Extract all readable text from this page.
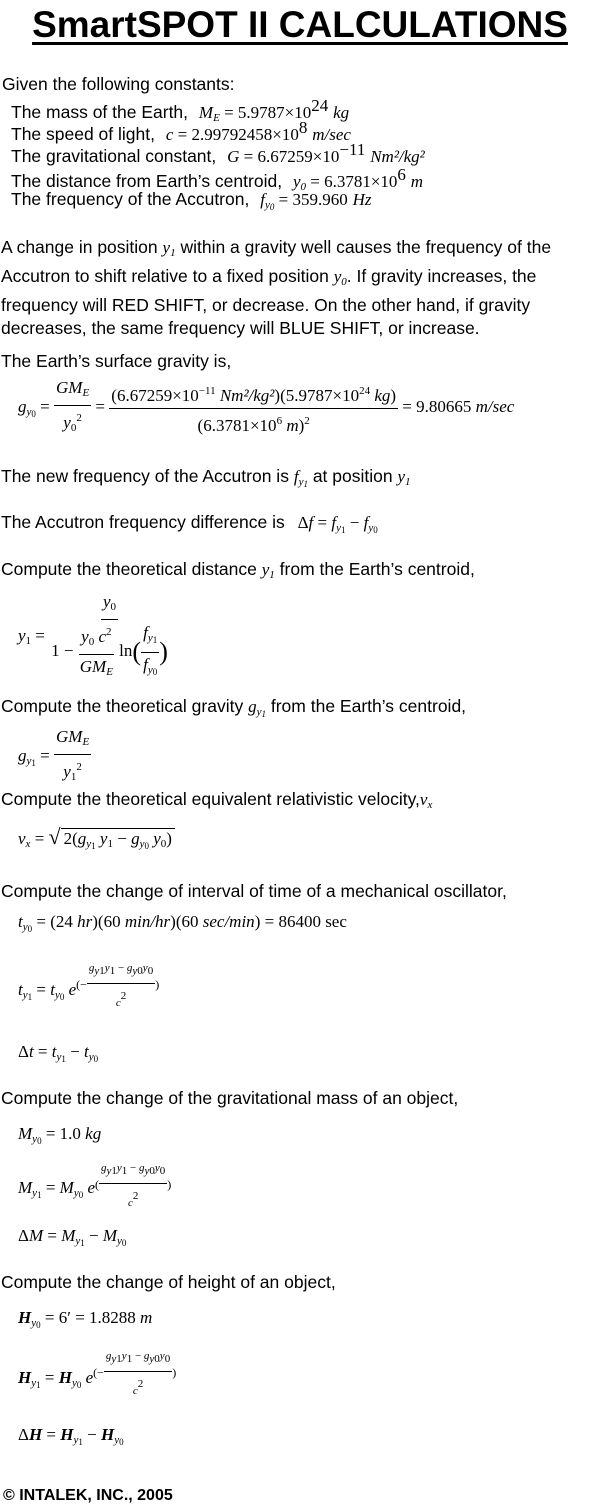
SmartSPOT II CALCULATIONS
Given the following constants:
The mass of the Earth, $M_E = 5.9787\times 10^{24}$ kg
The speed of light, $c = 2.99792458\times 10^8$ m/sec
The gravitational constant, $G = 6.67259\times 10^{-11}$ Nm²/kg²
The distance from Earth’s centroid, $y_0 = 6.3781\times 10^6$ m
The frequency of the Accutron, $f_{y_0} = 359.960$ Hz
A change in position $y_1$ within a gravity well causes the frequency of the Accutron to shift relative to a fixed position $y_0$. If gravity increases, the frequency will RED SHIFT, or decrease. On the other hand, if gravity decreases, the same frequency will BLUE SHIFT, or increase.
The Earth’s surface gravity is,
$g_{y_0} = \frac{GM_E}{y_0^2} = \frac{(6.67259\times 10^{-11} Nm^2/kg^2)(5.9787\times 10^{24} kg)}{(6.3781\times 10^6 m)^2} = 9.80665$ m/sec
The new frequency of the Accutron is $f_{y_1}$ at position $y_1$
The Accutron frequency difference is $\Delta f = f_{y_1} - f_{y_0}$
Compute the theoretical distance $y_1$ from the Earth’s centroid,
$y_1 = \frac{y_0}{1 - \frac{y_0 c^2}{GM_E} \ln( \frac{f_{y_1}}{f_{y_0}} )}$
Compute the theoretical gravity $g_{y_1}$ from the Earth’s centroid,
$g_{y_1} = \frac{GM_E}{y_1^2}$
Compute the theoretical equivalent relativistic $velocity,v_x$
$v_x$ = √ $2(g_{y_1}$ $y_1 - g_{y_0}$ $y_0$)
Compute the change of interval of time of a mechanical oscillator,
$t_{y_0} = (24$ hr)(60 min/hr)(60 sec/min) = 86400 sec
$t_{y_1} = t_{y_0}$ $e(- \frac{g_{y1}y_1 - g_{y0}y_0}{c^2}$ )
$\Delta t = t_{y_1} - t_{y_0}$
Compute the change of the gravitational mass of an object,
$M_{y_0} = 1.0$ kg
$M_{y_1} = M_{y_0}$ $e( \frac{g_{y1}y_1 - g_{y0}y_0}{c^2}$ )
$\Delta M = M_{y_1} - M_{y_0}$
Compute the change of height of an object,
$H_{y_0} = 6' = 1.8288$ m
$H_{y_1} = H_{y_0}$ $e(- \frac{g_{y1}y_1 - g_{y0}y_0}{c^2}$ )
$\Delta H = H_{y_1} - H_{y_0}$
© INTALEK, INC., 2005
